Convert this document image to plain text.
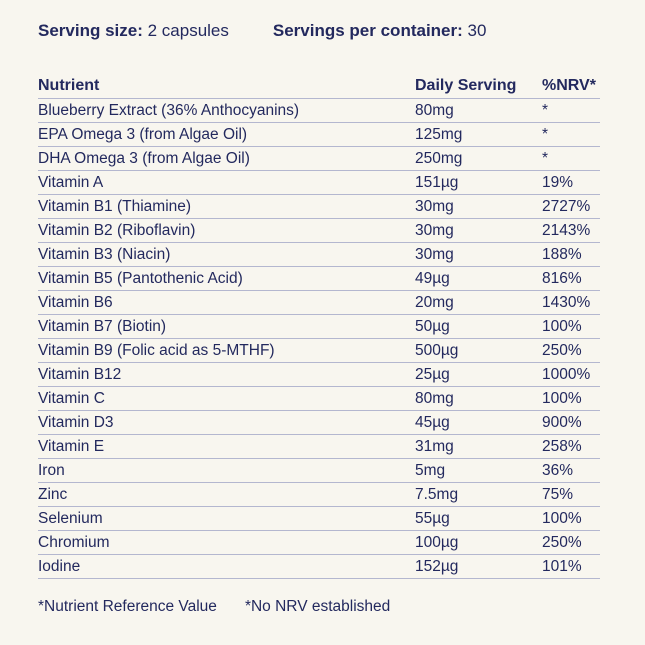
Serving size: 2 capsules	Servings per container: 30
Nutrient	Daily Serving	%NRV*
Blueberry Extract (36% Anthocyanins)	80mg	*
EPA Omega 3 (from Algae Oil)	125mg	*
DHA Omega 3 (from Algae Oil)	250mg	*
Vitamin A	151µg	19%
Vitamin B1 (Thiamine)	30mg	2727%
Vitamin B2 (Riboflavin)	30mg	2143%
Vitamin B3 (Niacin)	30mg	188%
Vitamin B5 (Pantothenic Acid)	49µg	816%
Vitamin B6	20mg	1430%
Vitamin B7 (Biotin)	50µg	100%
Vitamin B9 (Folic acid as 5-MTHF)	500µg	250%
Vitamin B12	25µg	1000%
Vitamin C	80mg	100%
Vitamin D3	45µg	900%
Vitamin E	31mg	258%
Iron	5mg	36%
Zinc	7.5mg	75%
Selenium	55µg	100%
Chromium	100µg	250%
Iodine	152µg	101%
*Nutrient Reference Value *No NRV established
